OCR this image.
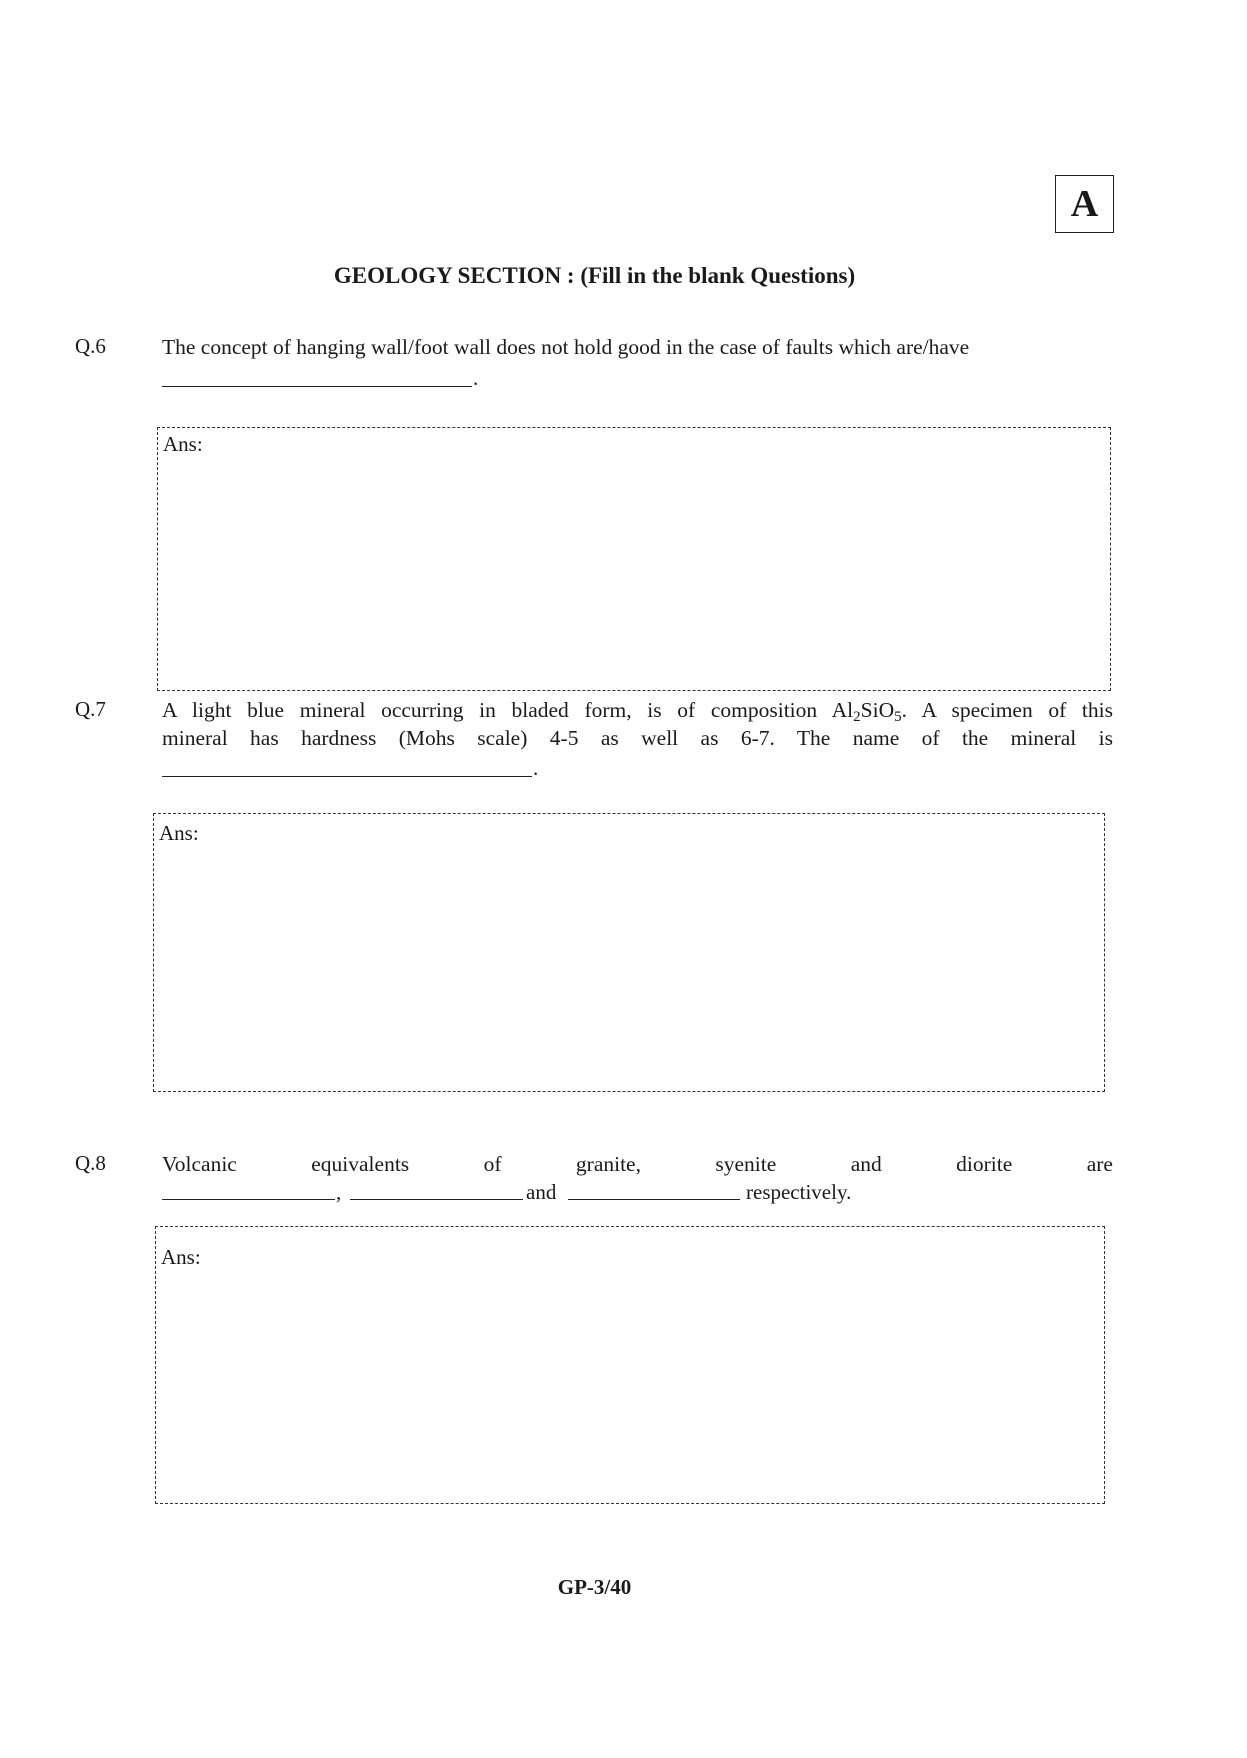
A
GEOLOGY SECTION : (Fill in the blank Questions)
Q.6	The concept of hanging wall/foot wall does not hold good in the case of faults which are/have
.
Ans:
Q.7	A light blue mineral occurring in bladed form, is of composition $Al_2SiO_5$. A specimen of this
mineral has hardness (Mohs scale) 4-5 as well as 6-7. The name of the mineral is
.
Ans:
Q.8	Volcanic	equivalents	of	granite,	syenite	and	diorite	are
,	and	respectively.
Ans:
GP-3/40
